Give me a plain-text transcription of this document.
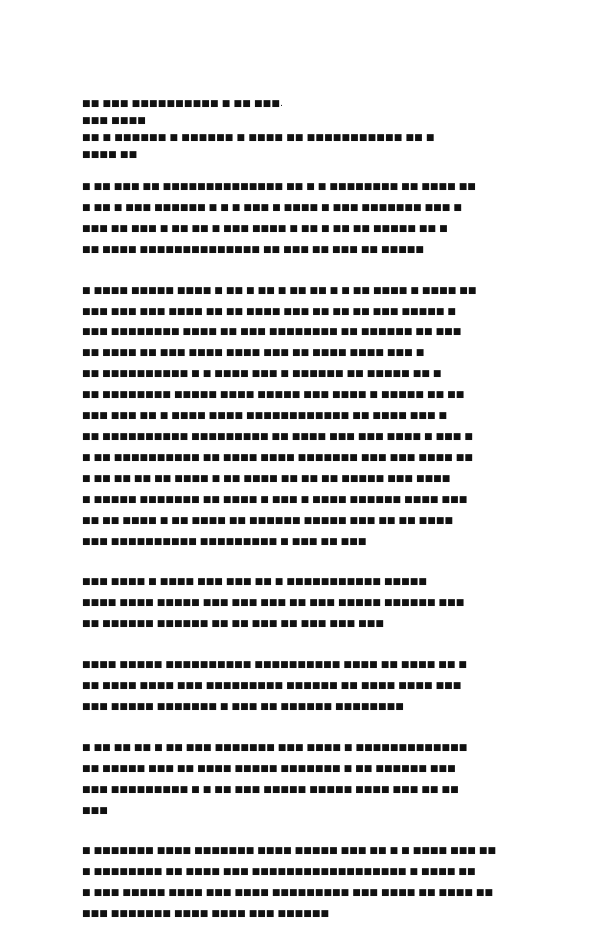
■■ ■■■ ■■■■■■■■■■ ■ ■■ ■■■.
■■■ ■■■■
■■ ■ ■■■■■■ ■ ■■■■■■ ■ ■■■■ ■■ ■■■■■■■■■■■ ■■ ■
■■■■ ■■
■ ■■ ■■■ ■■ ■■■■■■■■■■■■■■ ■■ ■ ■ ■■■■■■■■ ■■ ■■■■ ■■
■ ■■ ■ ■■■ ■■■■■■ ■ ■ ■ ■■■ ■ ■■■■ ■ ■■■ ■■■■■■■ ■■■ ■
■■■ ■■ ■■■ ■ ■■ ■■ ■ ■■■ ■■■■ ■ ■■ ■ ■■ ■■ ■■■■■ ■■ ■
■■ ■■■■ ■■■■■■■■■■■■■■ ■■ ■■■ ■■ ■■■ ■■ ■■■■■
■ ■■■■ ■■■■■ ■■■■ ■ ■■ ■ ■■ ■ ■■ ■■ ■ ■ ■■ ■■■■ ■ ■■■■ ■■
■■■ ■■■ ■■■ ■■■■ ■■ ■■ ■■■■ ■■■ ■■ ■■ ■■ ■■■ ■■■■■ ■
■■■ ■■■■■■■■ ■■■■ ■■ ■■■ ■■■■■■■■ ■■ ■■■■■■ ■■ ■■■
■■ ■■■■ ■■ ■■■ ■■■■ ■■■■ ■■■ ■■ ■■■■ ■■■■ ■■■ ■
■■ ■■■■■■■■■■ ■ ■ ■■■■ ■■■ ■ ■■■■■■ ■■ ■■■■■ ■■ ■
■■ ■■■■■■■■ ■■■■■ ■■■■ ■■■■■ ■■■ ■■■■ ■ ■■■■■ ■■ ■■
■■■ ■■■ ■■ ■ ■■■■ ■■■■ ■■■■■■■■■■■■ ■■ ■■■■ ■■■ ■
■■ ■■■■■■■■■■ ■■■■■■■■■ ■■ ■■■■ ■■■ ■■■ ■■■■ ■ ■■■ ■
■ ■■ ■■■■■■■■■■ ■■ ■■■■ ■■■■ ■■■■■■■ ■■■ ■■■ ■■■■ ■■
■ ■■ ■■ ■■ ■■ ■■■■ ■ ■■ ■■■■ ■■ ■■ ■■ ■■■■■ ■■■ ■■■■
■ ■■■■■ ■■■■■■■ ■■ ■■■■ ■ ■■■ ■ ■■■■ ■■■■■■ ■■■■ ■■■
■■ ■■ ■■■■ ■ ■■ ■■■■ ■■ ■■■■■■ ■■■■■ ■■■ ■■ ■■ ■■■■
■■■ ■■■■■■■■■■ ■■■■■■■■■ ■ ■■■ ■■ ■■■
■■■ ■■■■ ■ ■■■■ ■■■ ■■■ ■■ ■ ■■■■■■■■■■■ ■■■■■
■■■■ ■■■■ ■■■■■ ■■■ ■■■ ■■■ ■■ ■■■ ■■■■■ ■■■■■■ ■■■
■■ ■■■■■■ ■■■■■■ ■■ ■■ ■■■ ■■ ■■■ ■■■ ■■■
■■■■ ■■■■■ ■■■■■■■■■■ ■■■■■■■■■■ ■■■■ ■■ ■■■■ ■■ ■
■■ ■■■■ ■■■■ ■■■ ■■■■■■■■■ ■■■■■■ ■■ ■■■■ ■■■■ ■■■
■■■ ■■■■■ ■■■■■■■ ■ ■■■ ■■ ■■■■■■ ■■■■■■■■
■ ■■ ■■ ■■ ■ ■■ ■■■ ■■■■■■■ ■■■ ■■■■ ■ ■■■■■■■■■■■■■
■■ ■■■■■ ■■■ ■■ ■■■■ ■■■■■ ■■■■■■■ ■ ■■ ■■■■■■ ■■■
■■■ ■■■■■■■■■ ■ ■ ■■ ■■■ ■■■■■ ■■■■■ ■■■■ ■■■ ■■ ■■
■■■
■ ■■■■■■■ ■■■■ ■■■■■■■ ■■■■ ■■■■■ ■■■ ■■ ■ ■ ■■■■ ■■■ ■■
■ ■■■■■■■■ ■■ ■■■■ ■■■ ■■■■■■■■■■■■■■■■■■ ■ ■■■■ ■■
■ ■■■ ■■■■■ ■■■■ ■■■ ■■■■ ■■■■■■■■■ ■■■ ■■■■ ■■ ■■■■ ■■
■■■ ■■■■■■■ ■■■■ ■■■■ ■■■ ■■■■■■
